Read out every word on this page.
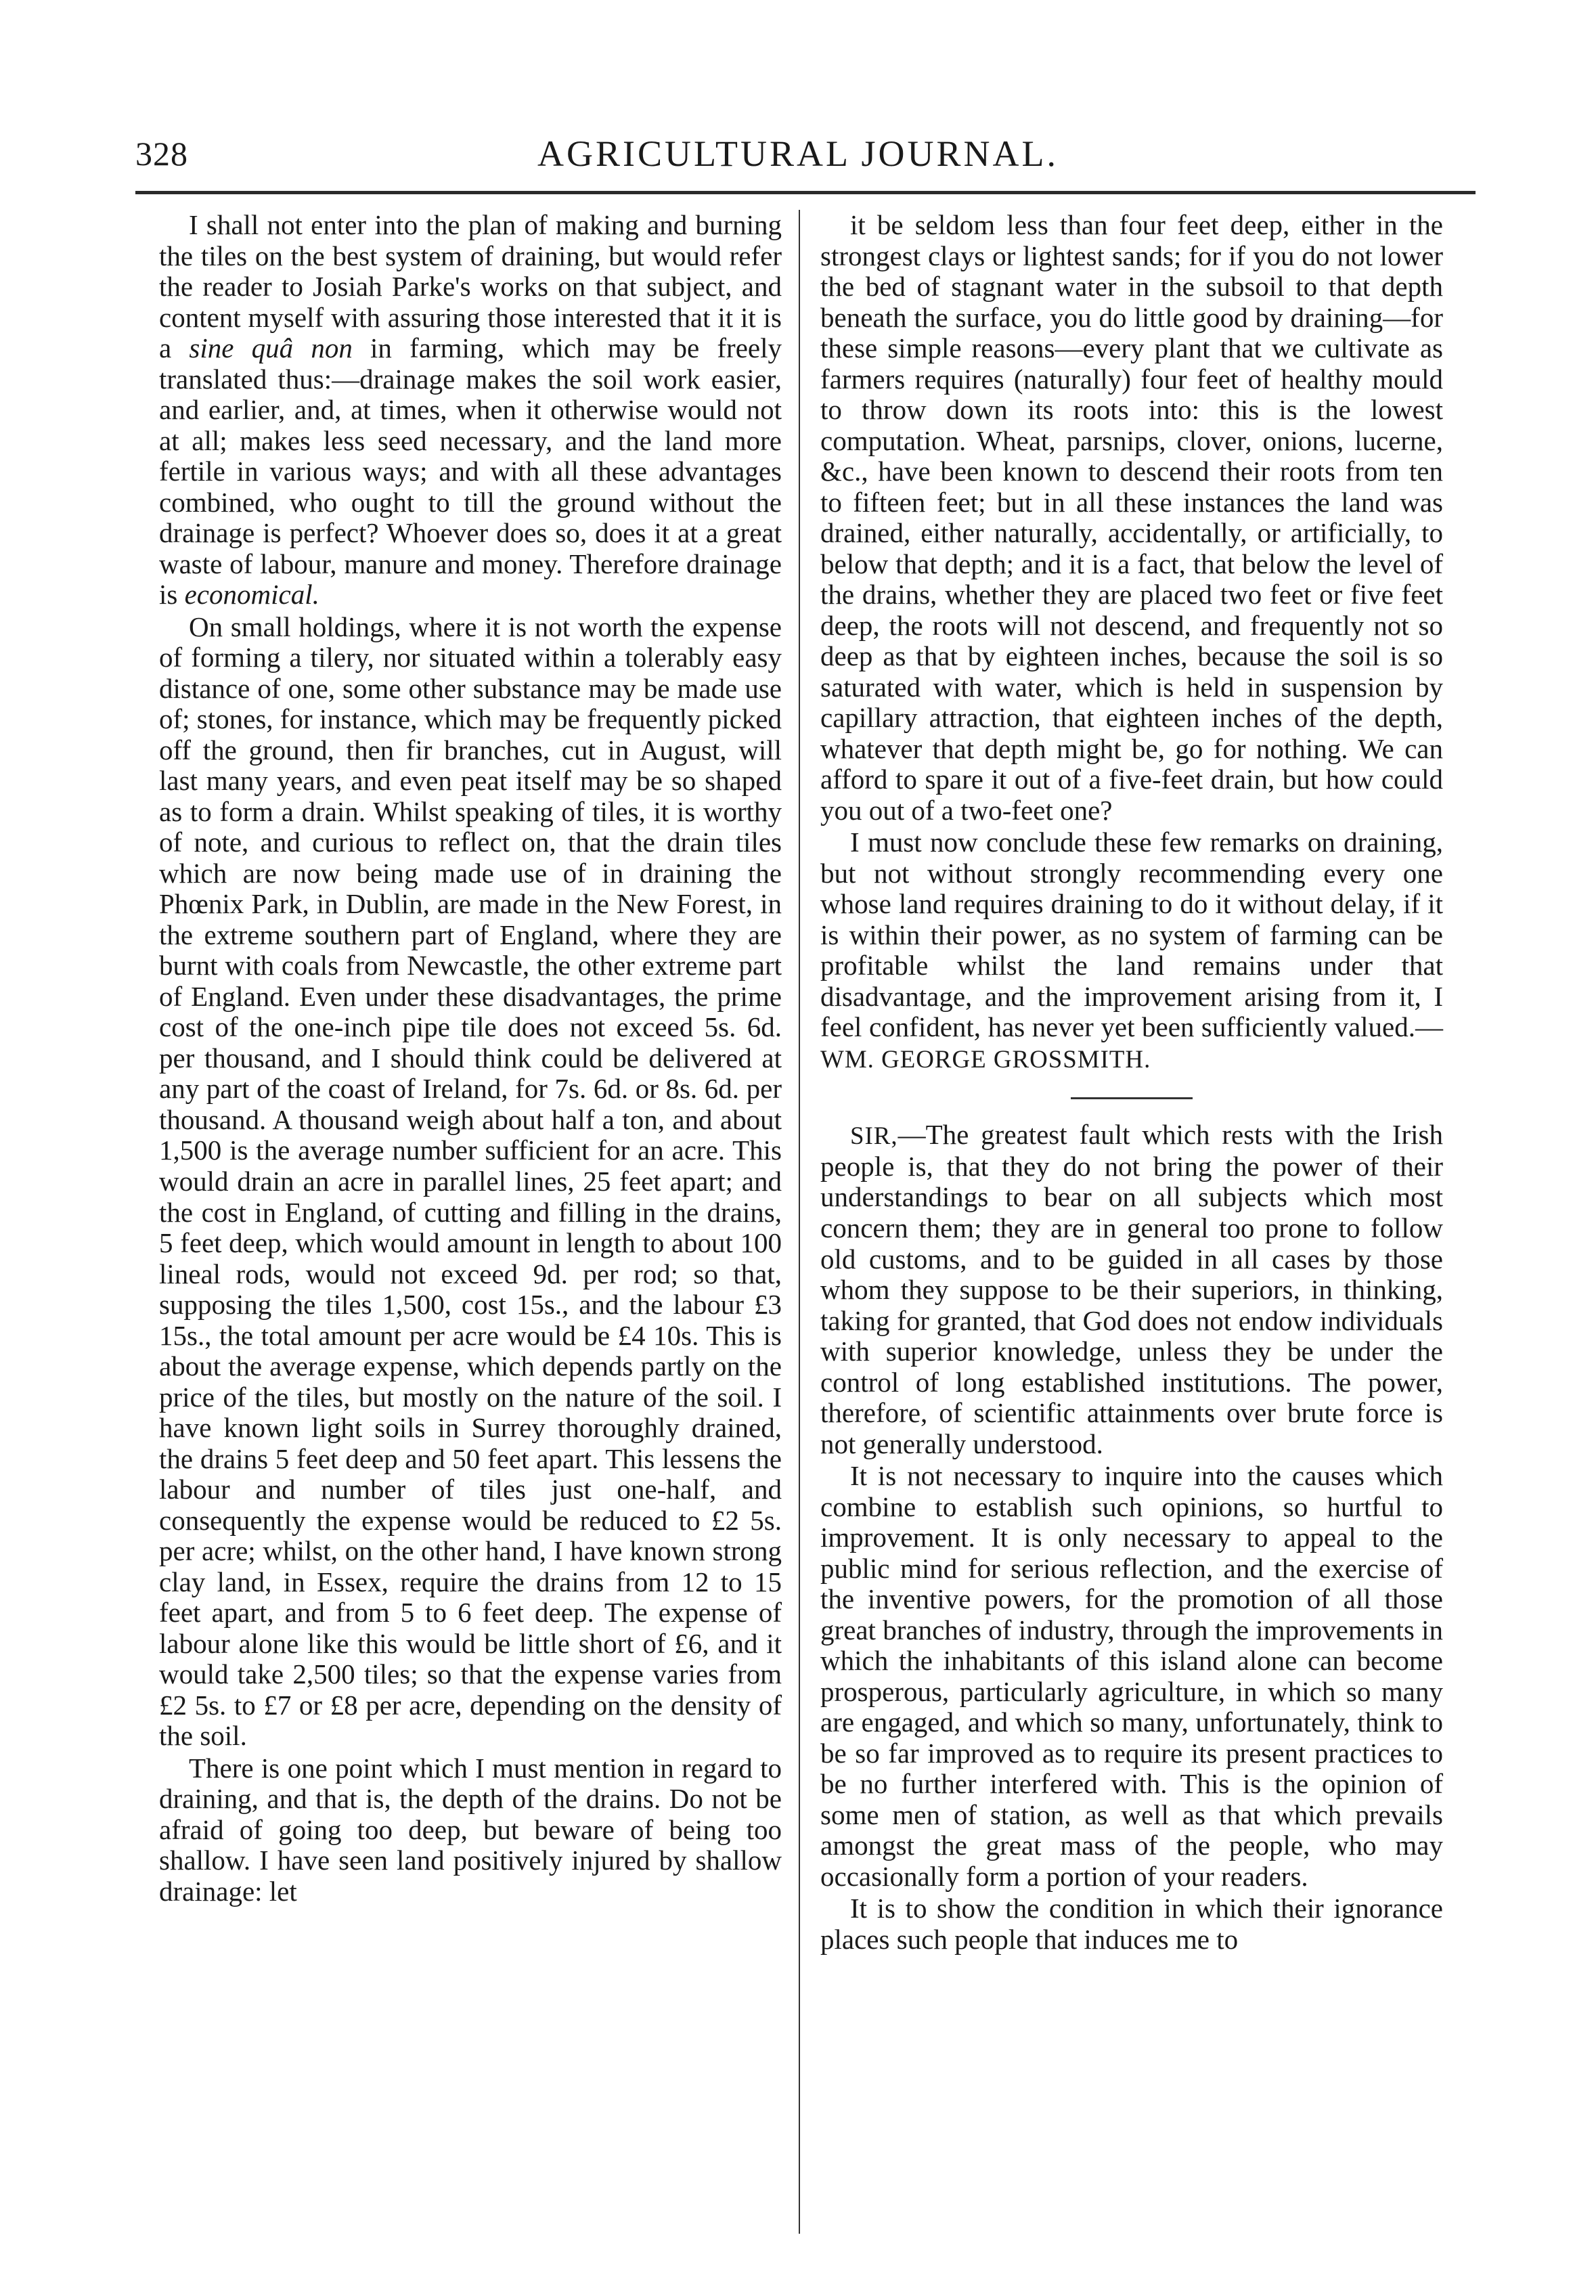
328	AGRICULTURAL JOURNAL.

I shall not enter into the plan of making and burning the tiles on the best system of draining, but would refer the reader to Josiah Parke's works on that subject, and content myself with assuring those interested that it it is a sine quâ non in farming, which may be freely translated thus:—drainage makes the soil work easier, and earlier, and, at times, when it otherwise would not at all; makes less seed necessary, and the land more fertile in various ways; and with all these advantages combined, who ought to till the ground without the drainage is perfect? Whoever does so, does it at a great waste of labour, manure and money. Therefore drainage is economical.

On small holdings, where it is not worth the expense of forming a tilery, nor situated within a tolerably easy distance of one, some other substance may be made use of; stones, for instance, which may be frequently picked off the ground, then fir branches, cut in August, will last many years, and even peat itself may be so shaped as to form a drain. Whilst speaking of tiles, it is worthy of note, and curious to reflect on, that the drain tiles which are now being made use of in draining the Phœnix Park, in Dublin, are made in the New Forest, in the extreme southern part of England, where they are burnt with coals from Newcastle, the other extreme part of England. Even under these disadvantages, the prime cost of the one-inch pipe tile does not exceed 5s. 6d. per thousand, and I should think could be delivered at any part of the coast of Ireland, for 7s. 6d. or 8s. 6d. per thousand. A thousand weigh about half a ton, and about 1,500 is the average number sufficient for an acre. This would drain an acre in parallel lines, 25 feet apart; and the cost in England, of cutting and filling in the drains, 5 feet deep, which would amount in length to about 100 lineal rods, would not exceed 9d. per rod; so that, supposing the tiles 1,500, cost 15s., and the labour £3 15s., the total amount per acre would be £4 10s. This is about the average expense, which depends partly on the price of the tiles, but mostly on the nature of the soil. I have known light soils in Surrey thoroughly drained, the drains 5 feet deep and 50 feet apart. This lessens the labour and number of tiles just one-half, and consequently the expense would be reduced to £2 5s. per acre; whilst, on the other hand, I have known strong clay land, in Essex, require the drains from 12 to 15 feet apart, and from 5 to 6 feet deep. The expense of labour alone like this would be little short of £6, and it would take 2,500 tiles; so that the expense varies from £2 5s. to £7 or £8 per acre, depending on the density of the soil.

There is one point which I must mention in regard to draining, and that is, the depth of the drains. Do not be afraid of going too deep, but beware of being too shallow. I have seen land positively injured by shallow drainage: let

it be seldom less than four feet deep, either in the strongest clays or lightest sands; for if you do not lower the bed of stagnant water in the subsoil to that depth beneath the surface, you do little good by draining—for these simple reasons—every plant that we cultivate as farmers requires (naturally) four feet of healthy mould to throw down its roots into: this is the lowest computation. Wheat, parsnips, clover, onions, lucerne, &c., have been known to descend their roots from ten to fifteen feet; but in all these instances the land was drained, either naturally, accidentally, or artificially, to below that depth; and it is a fact, that below the level of the drains, whether they are placed two feet or five feet deep, the roots will not descend, and frequently not so deep as that by eighteen inches, because the soil is so saturated with water, which is held in suspension by capillary attraction, that eighteen inches of the depth, whatever that depth might be, go for nothing. We can afford to spare it out of a five-feet drain, but how could you out of a two-feet one?

I must now conclude these few remarks on draining, but not without strongly recommending every one whose land requires draining to do it without delay, if it is within their power, as no system of farming can be profitable whilst the land remains under that disadvantage, and the improvement arising from it, I feel confident, has never yet been sufficiently valued.—WM. GEORGE GROSSMITH.

SIR,—The greatest fault which rests with the Irish people is, that they do not bring the power of their understandings to bear on all subjects which most concern them; they are in general too prone to follow old customs, and to be guided in all cases by those whom they suppose to be their superiors, in thinking, taking for granted, that God does not endow individuals with superior knowledge, unless they be under the control of long established institutions. The power, therefore, of scientific attainments over brute force is not generally understood.

It is not necessary to inquire into the causes which combine to establish such opinions, so hurtful to improvement. It is only necessary to appeal to the public mind for serious reflection, and the exercise of the inventive powers, for the promotion of all those great branches of industry, through the improvements in which the inhabitants of this island alone can become prosperous, particularly agriculture, in which so many are engaged, and which so many, unfortunately, think to be so far improved as to require its present practices to be no further interfered with. This is the opinion of some men of station, as well as that which prevails amongst the great mass of the people, who may occasionally form a portion of your readers.

It is to show the condition in which their ignorance places such people that induces me to
